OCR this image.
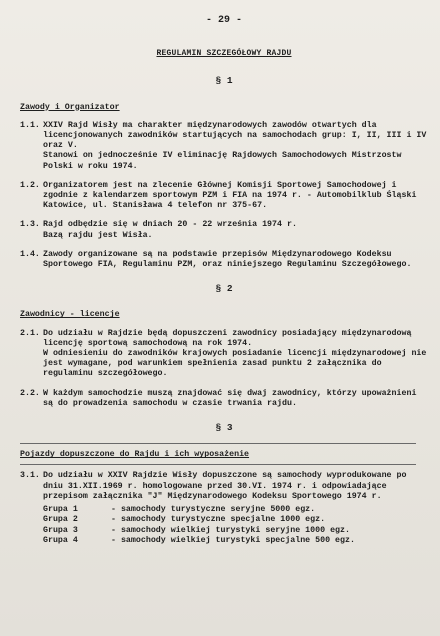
- 29 -
REGULAMIN SZCZEGÓŁOWY RAJDU
§ 1
Zawody i Organizator
1.1. XXIV Rajd Wisły ma charakter międzynarodowych zawodów otwartych dla licencjonowanych zawodników startujących na samochodach grup: I, II, III i IV oraz V.
Stanowi on jednocześnie IV eliminację Rajdowych Samochodowych Mistrzostw Polski w roku 1974.
1.2. Organizatorem jest na zlecenie Głównej Komisji Sportowej Samochodowej i zgodnie z kalendarzem sportowym PZM i FIA na 1974 r. - Automobilklub Śląski Katowice, ul. Stanisława 4 telefon nr 375-67.
1.3. Rajd odbędzie się w dniach 20 - 22 września 1974 r.
Bazą rajdu jest Wisła.
1.4. Zawody organizowane są na podstawie przepisów Międzynarodowego Kodeksu Sportowego FIA, Regulaminu PZM, oraz niniejszego Regulaminu Szczegółowego.
§ 2
Zawodnicy - licencje
2.1. Do udziału w Rajdzie będą dopuszczeni zawodnicy posiadający międzynarodową licencję sportową samochodową na rok 1974.
W odniesieniu do zawodników krajowych posiadanie licencji międzynarodowej nie jest wymagane, pod warunkiem spełnienia zasad punktu 2 załącznika do regulaminu szczegółowego.
2.2. W każdym samochodzie muszą znajdować się dwaj zawodnicy, którzy upoważnieni są do prowadzenia samochodu w czasie trwania rajdu.
§ 3
Pojazdy dopuszczone do Rajdu i ich wyposażenie
3.1. Do udziału w XXIV Rajdzie Wisły dopuszczone są samochody wyprodukowane po dniu 31.XII.1969 r. homologowane przed 30.VI. 1974 r. i odpowiadające przepisom załącznika "J" Międzynarodowego Kodeksu Sportowego 1974 r.
Grupa 1	- samochody turystyczne seryjne 5000 egz.
Grupa 2	- samochody turystyczne specjalne 1000 egz.
Grupa 3	- samochody wielkiej turystyki seryjne 1000 egz.
Grupa 4	- samochody wielkiej turystyki specjalne 500 egz.
